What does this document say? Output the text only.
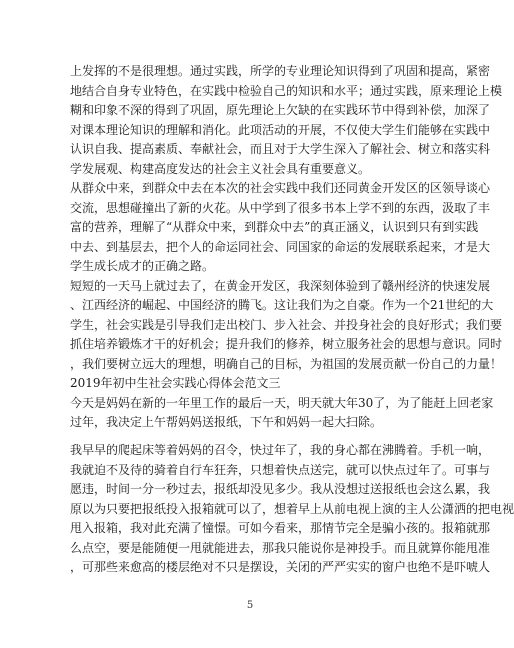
上发挥的不是很理想。通过实践，所学的专业理论知识得到了巩固和提高，紧密
地结合自身专业特色，在实践中检验自己的知识和水平；通过实践，原来理论上模
糊和印象不深的得到了巩固，原先理论上欠缺的在实践环节中得到补偿，加深了
对课本理论知识的理解和消化。此项活动的开展，不仅使大学生们能够在实践中
认识自我、提高素质、奉献社会，而且对于大学生深入了解社会、树立和落实科
学发展观、构建高度发达的社会主义社会具有重要意义。
从群众中来，到群众中去在本次的社会实践中我们还同黄金开发区的区领导谈心
交流，思想碰撞出了新的火花。从中学到了很多书本上学不到的东西，汲取了丰
富的营养，理解了“从群众中来，到群众中去”的真正涵义，认识到只有到实践
中去、到基层去，把个人的命运同社会、同国家的命运的发展联系起来，才是大
学生成长成才的正确之路。
短短的一天马上就过去了，在黄金开发区，我深刻体验到了赣州经济的快速发展
、江西经济的崛起、中国经济的腾飞。这让我们为之自豪。作为一个21世纪的大
学生，社会实践是引导我们走出校门、步入社会、并投身社会的良好形式；我们要
抓住培养锻炼才干的好机会；提升我们的修养，树立服务社会的思想与意识。同时
，我们要树立远大的理想，明确自己的目标，为祖国的发展贡献一份自己的力量！
2019年初中生社会实践心得体会范文三
今天是妈妈在新的一年里工作的最后一天，明天就大年30了，为了能赶上回老家
过年，我决定上午帮妈妈送报纸，下午和妈妈一起大扫除。
我早早的爬起床等着妈妈的召令，快过年了，我的身心都在沸腾着。手机一响，
我就迫不及待的骑着自行车狂奔，只想着快点送完，就可以快点过年了。可事与
愿违，时间一分一秒过去，报纸却没见多少。我从没想过送报纸也会这么累，我
原以为只要把报纸投入报箱就可以了，想着早上从前电视上演的主人公潇洒的把电视
甩入报箱，我对此充满了憧憬。可如今看来，那情节完全是骗小孩的。报箱就那
么点空，要是能随便一甩就能进去，那我只能说你是神投手。而且就算你能甩准
，可那些来愈高的楼层绝对不只是摆设，关闭的严严实实的窗户也绝不是吓唬人
5
